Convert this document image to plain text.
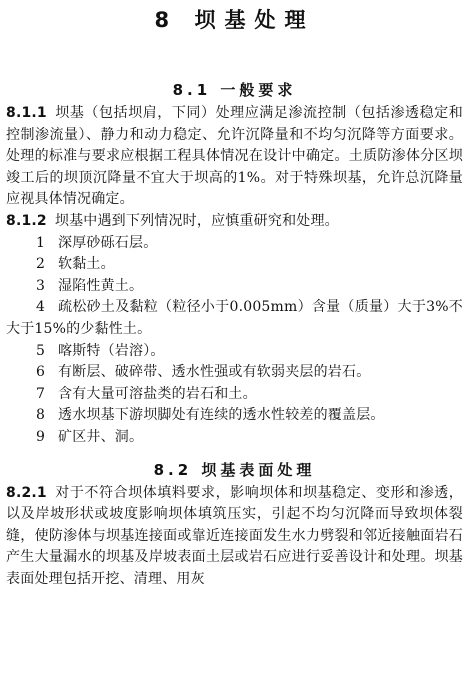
8 坝基处理
8.1 一般要求

8.1.1 坝基（包括坝肩，下同）处理应满足渗流控制（包括渗透稳定和控制渗流量）、静力和动力稳定、允许沉降量和不均匀沉降等方面要求。处理的标准与要求应根据工程具体情况在设计中确定。土质防渗体分区坝竣工后的坝顶沉降量不宜大于坝高的1%。对于特殊坝基，允许总沉降量应视具体情况确定。

8.1.2 坝基中遇到下列情况时，应慎重研究和处理。

1 深厚砂砾石层。

2 软黏土。

3 湿陷性黄土。

4 疏松砂土及黏粒（粒径小于0.005mm）含量（质量）大于3%不大于15%的少黏性土。

5 喀斯特（岩溶）。

6 有断层、破碎带、透水性强或有软弱夹层的岩石。

7 含有大量可溶盐类的岩石和土。

8 透水坝基下游坝脚处有连续的透水性较差的覆盖层。

9 矿区井、洞。

8.2 坝基表面处理

8.2.1 对于不符合坝体填料要求，影响坝体和坝基稳定、变形和渗透，以及岸坡形状或坡度影响坝体填筑压实，引起不均匀沉降而导致坝体裂缝，使防渗体与坝基连接面或靠近连接面发生水力劈裂和邻近接触面岩石产生大量漏水的坝基及岸坡表面土层或岩石应进行妥善设计和处理。坝基表面处理包括开挖、清理、用灰
